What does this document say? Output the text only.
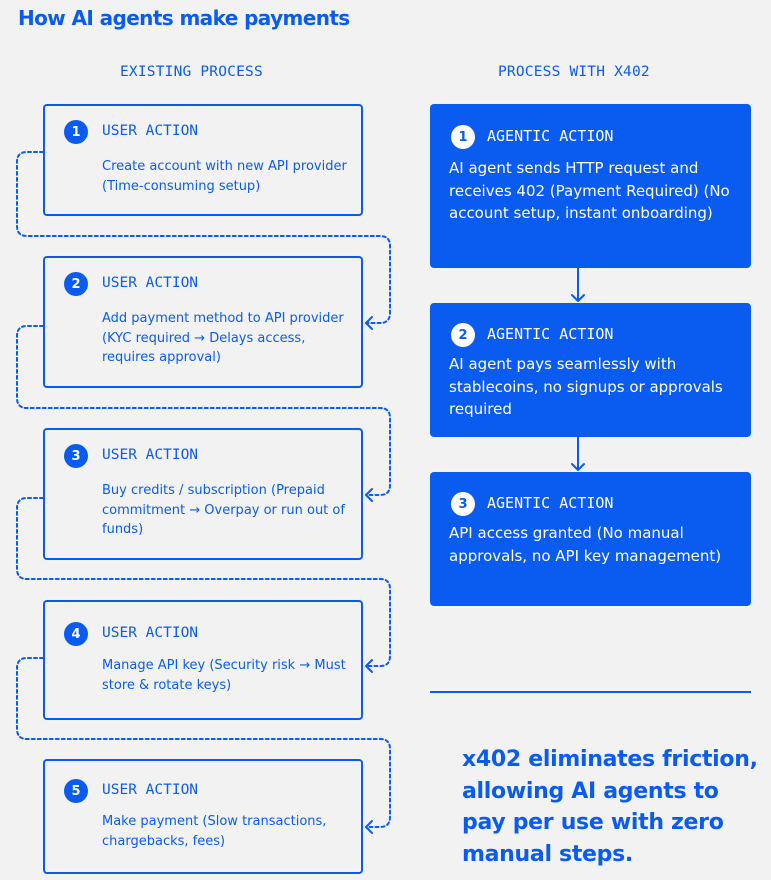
How AI agents make payments
EXISTING PROCESS	PROCESS WITH X402
1	USER ACTION
Create account with new API provider (Time-consuming setup)
2	USER ACTION
Add payment method to API provider (KYC required → Delays access, requires approval)
3	USER ACTION
Buy credits / subscription (Prepaid commitment → Overpay or run out of funds)
4	USER ACTION
Manage API key (Security risk → Must store & rotate keys)
5	USER ACTION
Make payment (Slow transactions, chargebacks, fees)
1	AGENTIC ACTION
AI agent sends HTTP request and receives 402 (Payment Required) (No account setup, instant onboarding)
2	AGENTIC ACTION
AI agent pays seamlessly with stablecoins, no signups or approvals required
3	AGENTIC ACTION
API access granted (No manual approvals, no API key management)
x402 eliminates friction, allowing AI agents to pay per use with zero manual steps.
